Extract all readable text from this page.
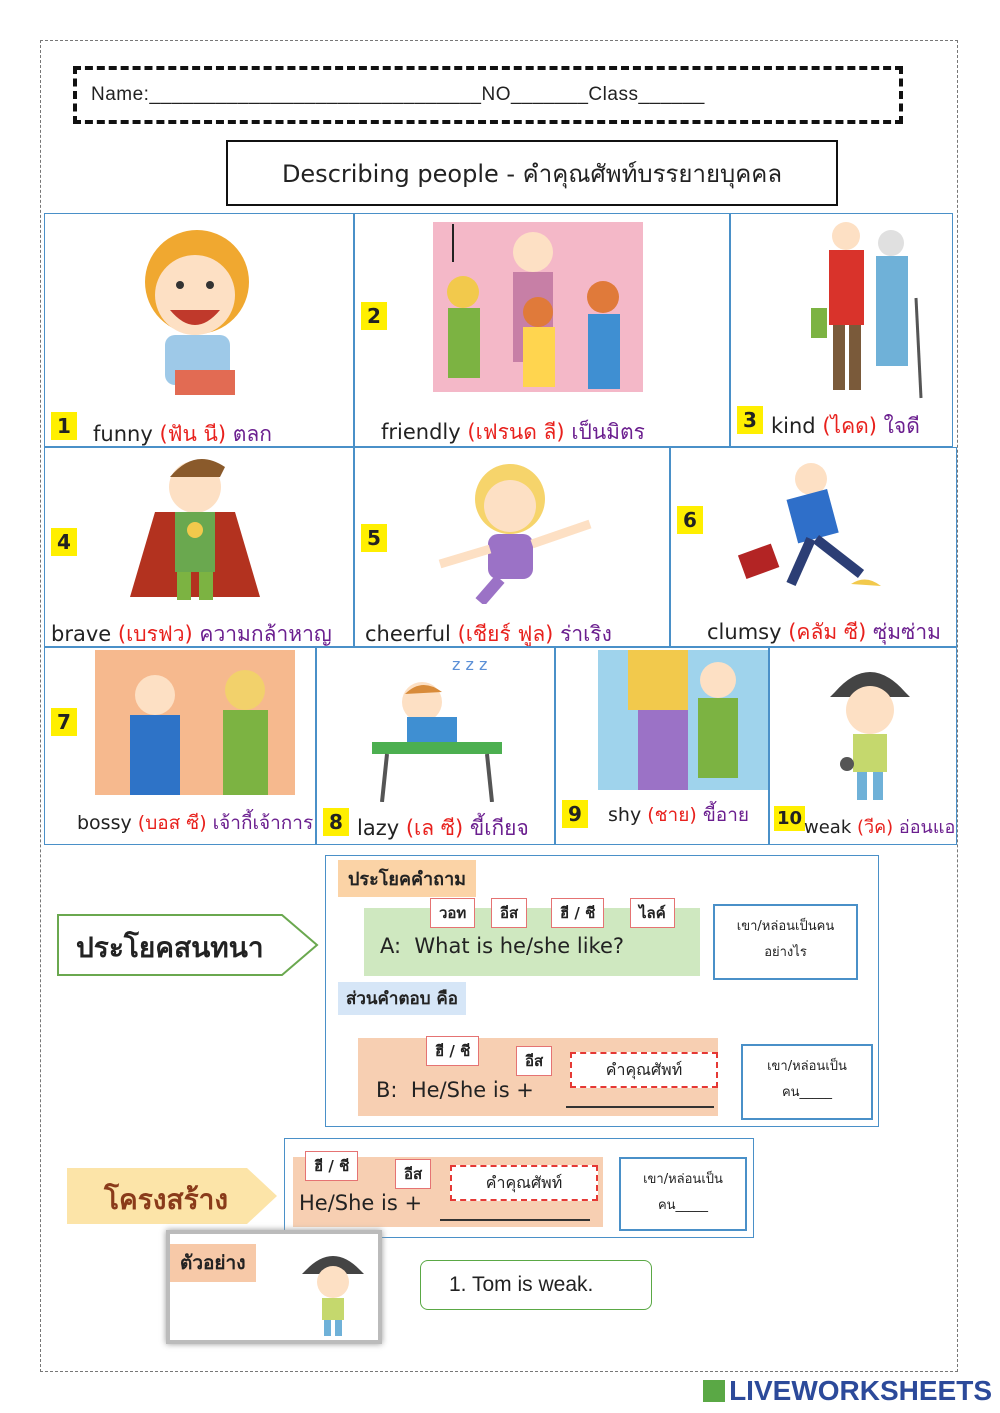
Name:______________________________NO_______Class______
Describing people - คำคุณศัพท์บรรยายบุคคล
1 funny (ฟัน นี) ตลก
2
friendly (เฟรนด ลี) เป็นมิตร	3 kind (ไคด) ใจดี
4
brave (เบรฟว) ความกล้าหาญ
5
cheerful (เชียร์ ฟูล) ร่าเริง
6
clumsy (คลัม ซี) ซุ่มซ่าม
7
bossy (บอส ซี) เจ้ากี้เจ้าการ
z z z
8 lazy (เล ซี) ขี้เกียจ
9	shy (ชาย) ขี้อาย 10 weak (วีค) อ่อนแอ
ประโยคสนทนา
ประโยคคำถาม
วอท	อีส	ฮี / ชี	ไลค์
A:  What is he/she like?
เขา/หล่อนเป็นคน
อย่างไร
ส่วนคำตอบ คือ
ฮี / ชี
อีส	คำคุณศัพท์
B:  He/She is +
เขา/หล่อนเป็น
คน_____
โครงสร้าง
ฮี / ชี	อีส	คำคุณศัพท์
He/She is +
เขา/หล่อนเป็น
คน_____
ตัวอย่าง
1. Tom is weak.
LIVEWORKSHEETS
